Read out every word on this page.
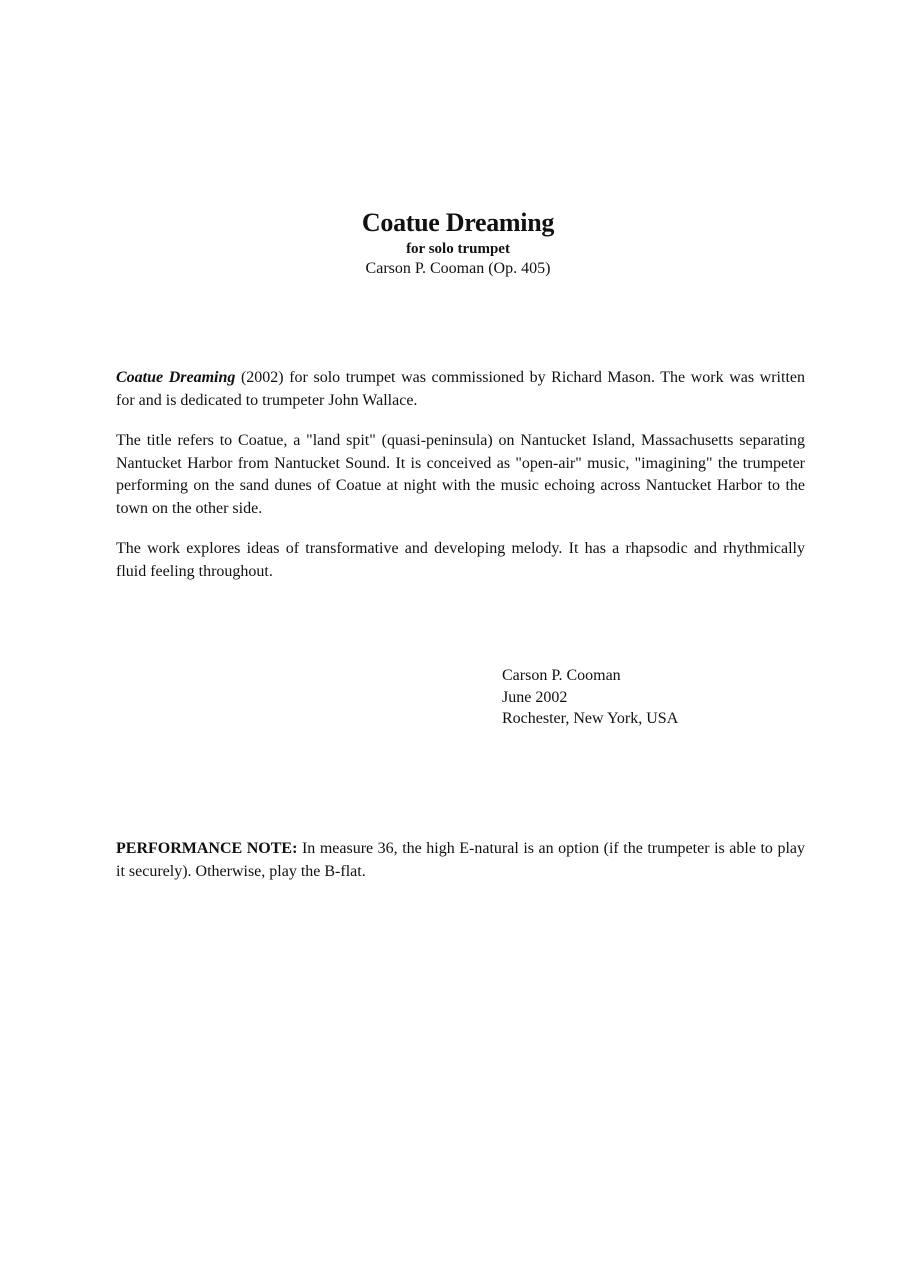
Coatue Dreaming
for solo trumpet
Carson P. Cooman (Op. 405)

Coatue Dreaming (2002) for solo trumpet was commissioned by Richard Mason. The work was written for and is dedicated to trumpeter John Wallace.

The title refers to Coatue, a "land spit" (quasi-peninsula) on Nantucket Island, Massachusetts separating Nantucket Harbor from Nantucket Sound. It is conceived as "open-air" music, "imagining" the trumpeter performing on the sand dunes of Coatue at night with the music echoing across Nantucket Harbor to the town on the other side.

The work explores ideas of transformative and developing melody. It has a rhapsodic and rhythmically fluid feeling throughout.

Carson P. Cooman
June 2002
Rochester, New York, USA

PERFORMANCE NOTE: In measure 36, the high E-natural is an option (if the trumpeter is able to play it securely). Otherwise, play the B-flat.
